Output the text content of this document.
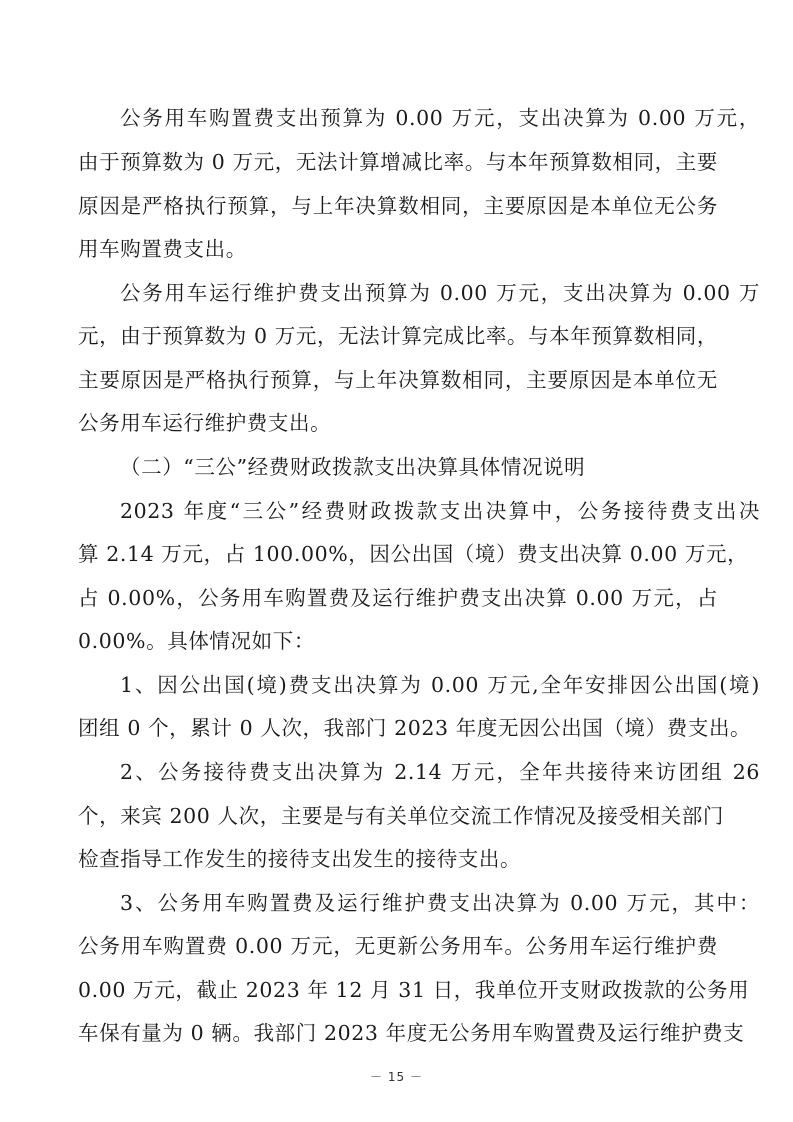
公务用车购置费支出预算为 0.00 万元，支出决算为 0.00 万元，
由于预算数为 0 万元，无法计算增减比率。与本年预算数相同，主要
原因是严格执行预算，与上年决算数相同，主要原因是本单位无公务
用车购置费支出。
公务用车运行维护费支出预算为 0.00 万元，支出决算为 0.00 万
元，由于预算数为 0 万元，无法计算完成比率。与本年预算数相同，
主要原因是严格执行预算，与上年决算数相同，主要原因是本单位无
公务用车运行维护费支出。
（二）“三公”经费财政拨款支出决算具体情况说明
2023 年度“三公”经费财政拨款支出决算中，公务接待费支出决
算 2.14 万元，占 100.00%，因公出国（境）费支出决算 0.00 万元，
占 0.00%，公务用车购置费及运行维护费支出决算 0.00 万元，占
0.00%。具体情况如下：
1、因公出国(境)费支出决算为 0.00 万元,全年安排因公出国(境)
团组 0 个，累计 0 人次，我部门 2023 年度无因公出国（境）费支出。
2、公务接待费支出决算为 2.14 万元，全年共接待来访团组 26
个，来宾 200 人次，主要是与有关单位交流工作情况及接受相关部门
检查指导工作发生的接待支出发生的接待支出。
3、公务用车购置费及运行维护费支出决算为 0.00 万元，其中：
公务用车购置费 0.00 万元，无更新公务用车。公务用车运行维护费
0.00 万元，截止 2023 年 12 月 31 日，我单位开支财政拨款的公务用
车保有量为 0 辆。我部门 2023 年度无公务用车购置费及运行维护费支
－ 15 －
